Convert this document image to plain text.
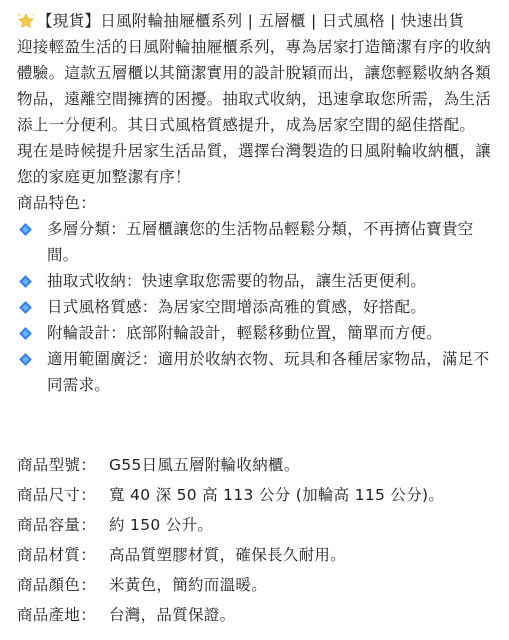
【現貨】日風附輪抽屜櫃系列 | 五層櫃 | 日式風格 | 快速出貨

迎接輕盈生活的日風附輪抽屜櫃系列，專為居家打造簡潔有序的收納體驗。這款五層櫃以其簡潔實用的設計脫穎而出，讓您輕鬆收納各類物品，遠離空間擁擠的困擾。抽取式收納，迅速拿取您所需，為生活添上一分便利。其日式風格質感提升，成為居家空間的絕佳搭配。

現在是時候提升居家生活品質，選擇台灣製造的日風附輪收納櫃，讓您的家庭更加整潔有序！

商品特色：

多層分類：五層櫃讓您的生活物品輕鬆分類，不再擠佔寶貴空間。
抽取式收納：快速拿取您需要的物品，讓生活更便利。
日式風格質感：為居家空間增添高雅的質感，好搭配。
附輪設計：底部附輪設計，輕鬆移動位置，簡單而方便。
適用範圍廣泛：適用於收納衣物、玩具和各種居家物品，滿足不同需求。
商品型號： G55日風五層附輪收納櫃。
商品尺寸： 寬 40 深 50 高 113 公分 (加輪高 115 公分)。
商品容量： 約 150 公升。
商品材質： 高品質塑膠材質，確保長久耐用。
商品顏色： 米黃色，簡約而溫暖。
商品產地： 台灣，品質保證。
